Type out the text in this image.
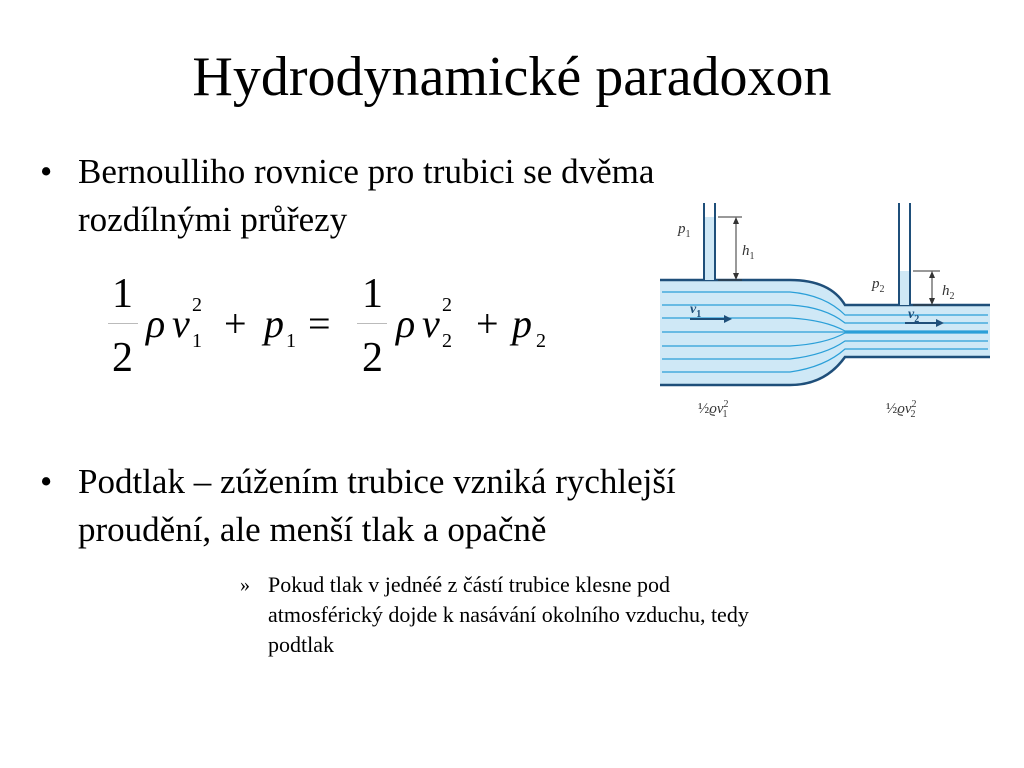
Hydrodynamické paradoxon
• Bernoulliho rovnice pro trubici se dvěma
rozdílnými průřezy
1
2
ρ v 2
1 + p 1 =
1
2
ρ v 2
2 + p 2
$p_1$
$h_1$
$p_2$	$h_2$
$v_1$	$v_2$
$\frac{1}{2}ϱv^2$ 1	$\frac{1}{2}ϱv^2$ 2
• Podtlak – zúžením trubice vzniká rychlejší
proudění, ale menší tlak a opačně
» Pokud tlak v jednéé z částí trubice klesne pod
atmosférický dojde k nasávání okolního vzduchu, tedy
podtlak
